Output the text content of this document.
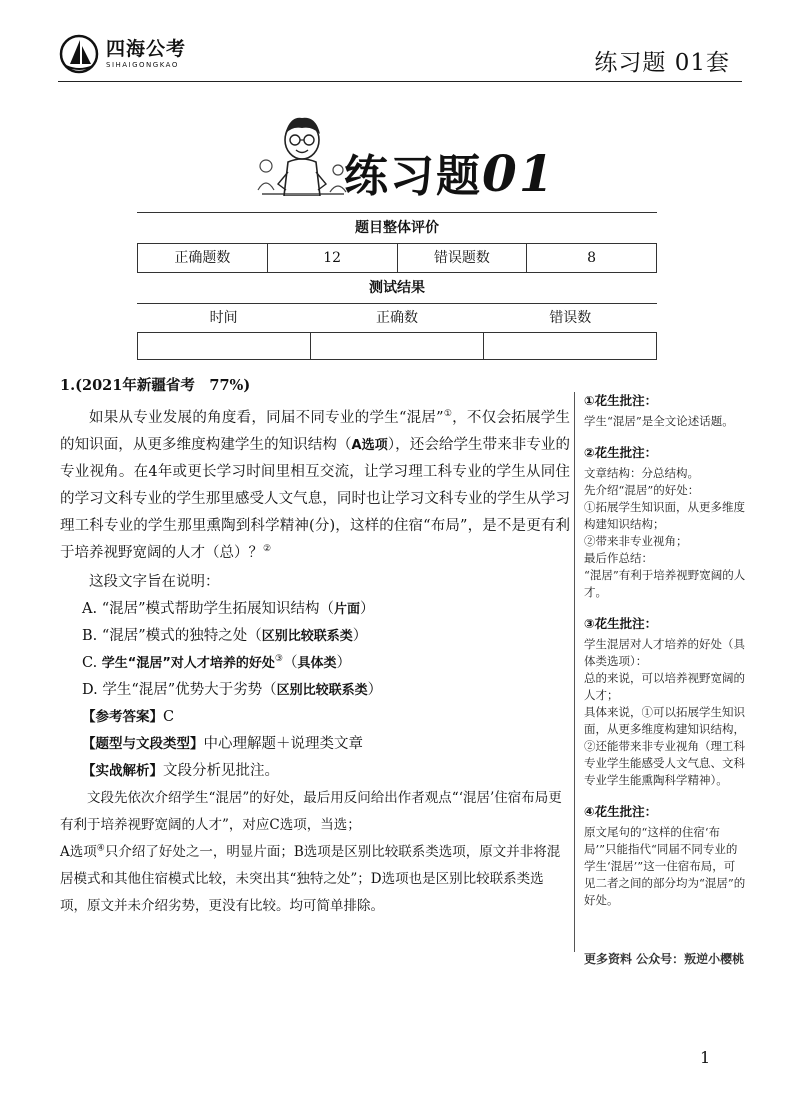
四海公考
SIHAIGONGKAO	练习题 01套
练习题01
题目整体评价
正确题数	12	错误题数	8
测试结果
时间	正确数	错误数
1.(2021年新疆省考　77%)
如果从专业发展的角度看，同届不同专业的学生“混居”①，不仅会拓展学生的知识面，从更多维度构建学生的知识结构（A选项），还会给学生带来非专业的专业视角。在4年或更长学习时间里相互交流，让学习理工科专业的学生从同住的学习文科专业的学生那里感受人文气息，同时也让学习文科专业的学生从学习理工科专业的学生那里熏陶到科学精神(分)，这样的住宿“布局”，是不是更有利于培养视野宽阔的人才（总）？②
这段文字旨在说明：
A. “混居”模式帮助学生拓展知识结构（片面）
B. “混居”模式的独特之处（区别比较联系类）
C. 学生“混居”对人才培养的好处③（具体类）
D. 学生“混居”优势大于劣势（区别比较联系类）
【参考答案】C
【题型与文段类型】中心理解题＋说理类文章
【实战解析】文段分析见批注。
文段先依次介绍学生“混居”的好处，最后用反问给出作者观点“‘混居’住宿布局更有利于培养视野宽阔的人才”，对应C选项，当选；
A选项④只介绍了好处之一，明显片面；B选项是区别比较联系类选项，原文并非将混居模式和其他住宿模式比较，未突出其“独特之处”；D选项也是区别比较联系类选项，原文并未介绍劣势，更没有比较。均可简单排除。
①花生批注：
学生“混居”是全文论述话题。
②花生批注：
文章结构：分总结构。
先介绍“混居”的好处：
①拓展学生知识面，从更多维度构建知识结构；
②带来非专业视角；
最后作总结：
“混居”有利于培养视野宽阔的人才。
③花生批注：
学生混居对人才培养的好处（具体类选项）：
总的来说，可以培养视野宽阔的人才；
具体来说，①可以拓展学生知识面，从更多维度构建知识结构，②还能带来非专业视角（理工科专业学生能感受人文气息、文科专业学生能熏陶科学精神）。
④花生批注：
原文尾句的“这样的住宿‘布局’”只能指代“同届不同专业的学生‘混居’”这一住宿布局，可见二者之间的部分均为“混居”的好处。
更多资料 公众号：叛逆小樱桃
1
